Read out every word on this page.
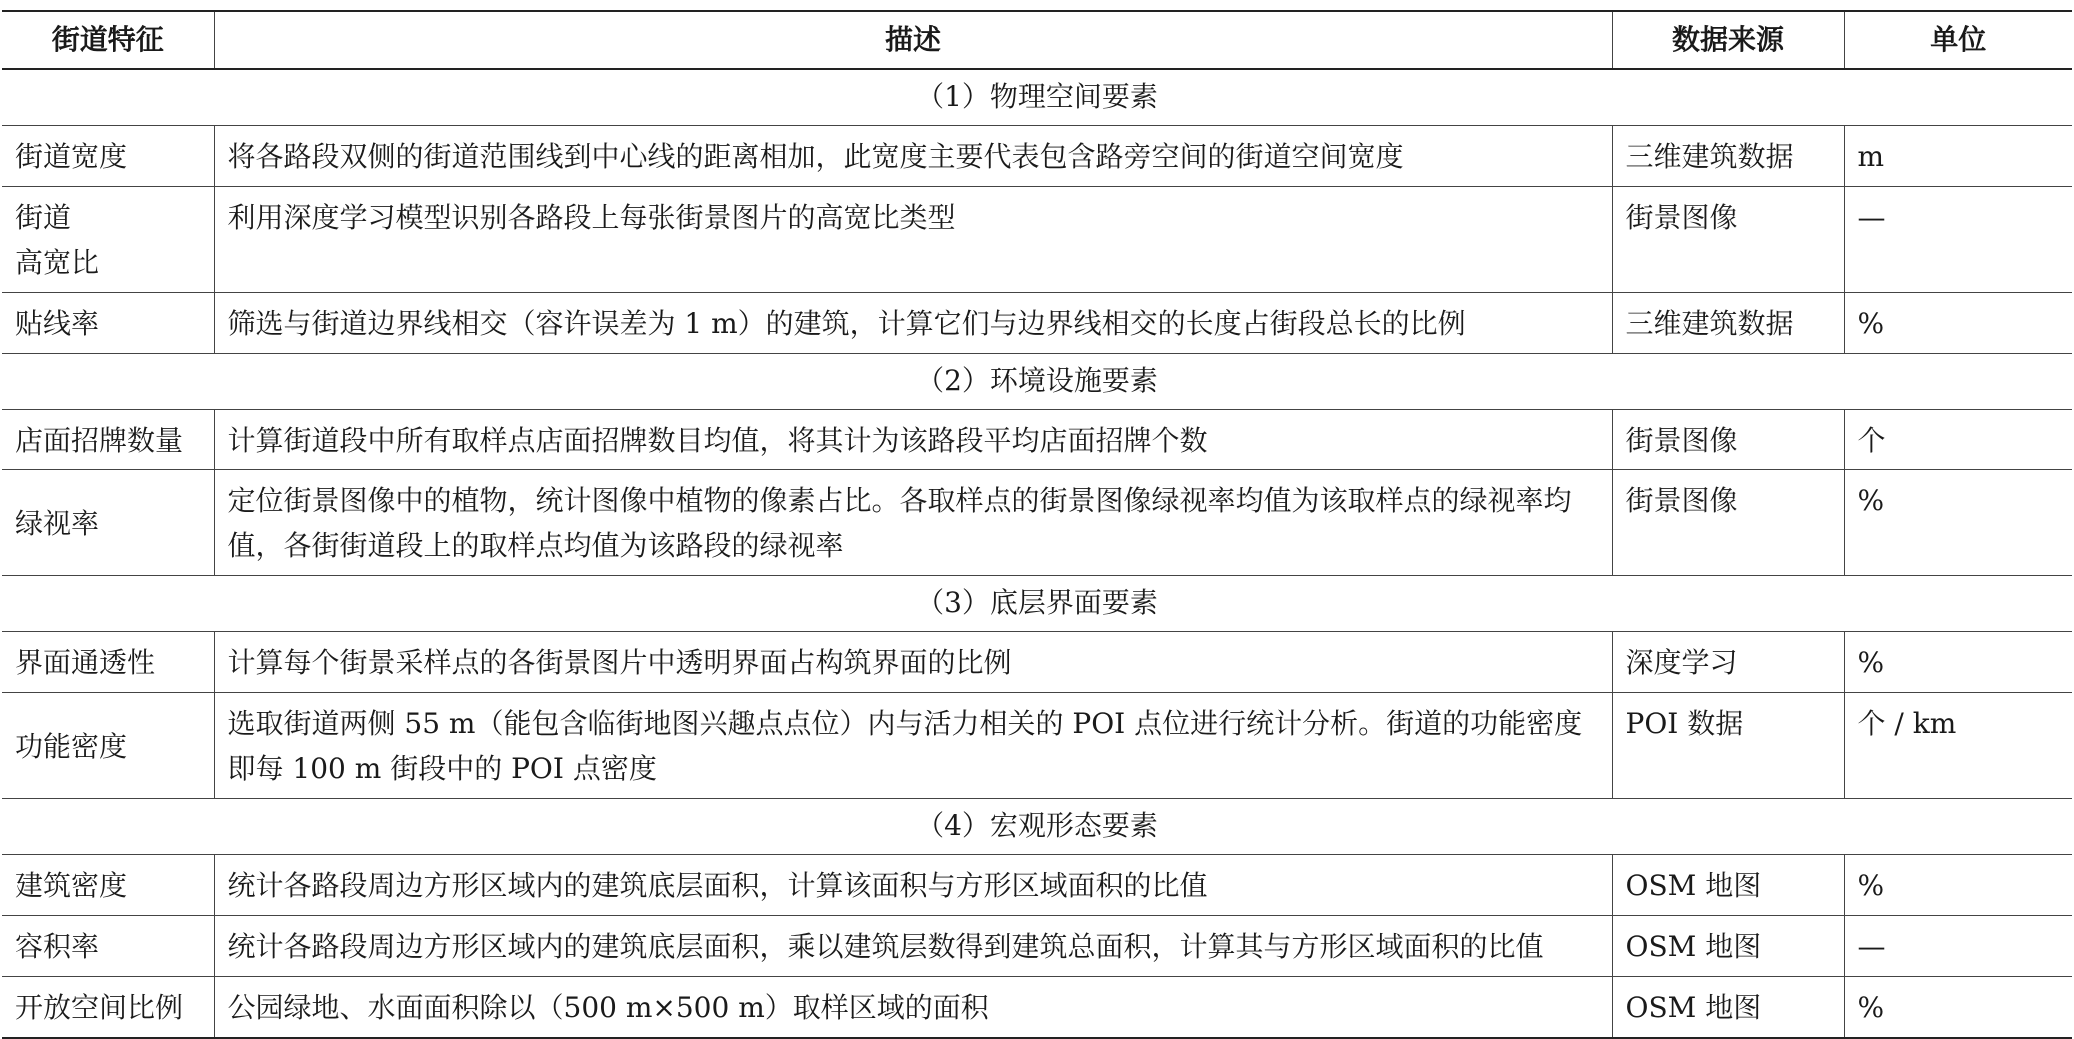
街道特征	描述	数据来源	单位
（1）物理空间要素			
街道宽度	将各路段双侧的街道范围线到中心线的距离相加，此宽度主要代表包含路旁空间的街道空间宽度	三维建筑数据	m
街道
高宽比	利用深度学习模型识别各路段上每张街景图片的高宽比类型	街景图像	—
贴线率	筛选与街道边界线相交（容许误差为 1 m）的建筑，计算它们与边界线相交的长度占街段总长的比例	三维建筑数据	%
（2）环境设施要素			
店面招牌数量	计算街道段中所有取样点店面招牌数目均值，将其计为该路段平均店面招牌个数	街景图像	个
绿视率	定位街景图像中的植物，统计图像中植物的像素占比。各取样点的街景图像绿视率均值为该取样点的绿视率均值，各街街道段上的取样点均值为该路段的绿视率	街景图像	%
（3）底层界面要素			
界面通透性	计算每个街景采样点的各街景图片中透明界面占构筑界面的比例	深度学习	%
功能密度	选取街道两侧 55 m（能包含临街地图兴趣点点位）内与活力相关的 POI 点位进行统计分析。街道的功能密度即每 100 m 街段中的 POI 点密度	POI 数据	个 / km
（4）宏观形态要素			
建筑密度	统计各路段周边方形区域内的建筑底层面积，计算该面积与方形区域面积的比值	OSM 地图	%
容积率	统计各路段周边方形区域内的建筑底层面积，乘以建筑层数得到建筑总面积，计算其与方形区域面积的比值	OSM 地图	—
开放空间比例	公园绿地、水面面积除以（500 m×500 m）取样区域的面积	OSM 地图	%
